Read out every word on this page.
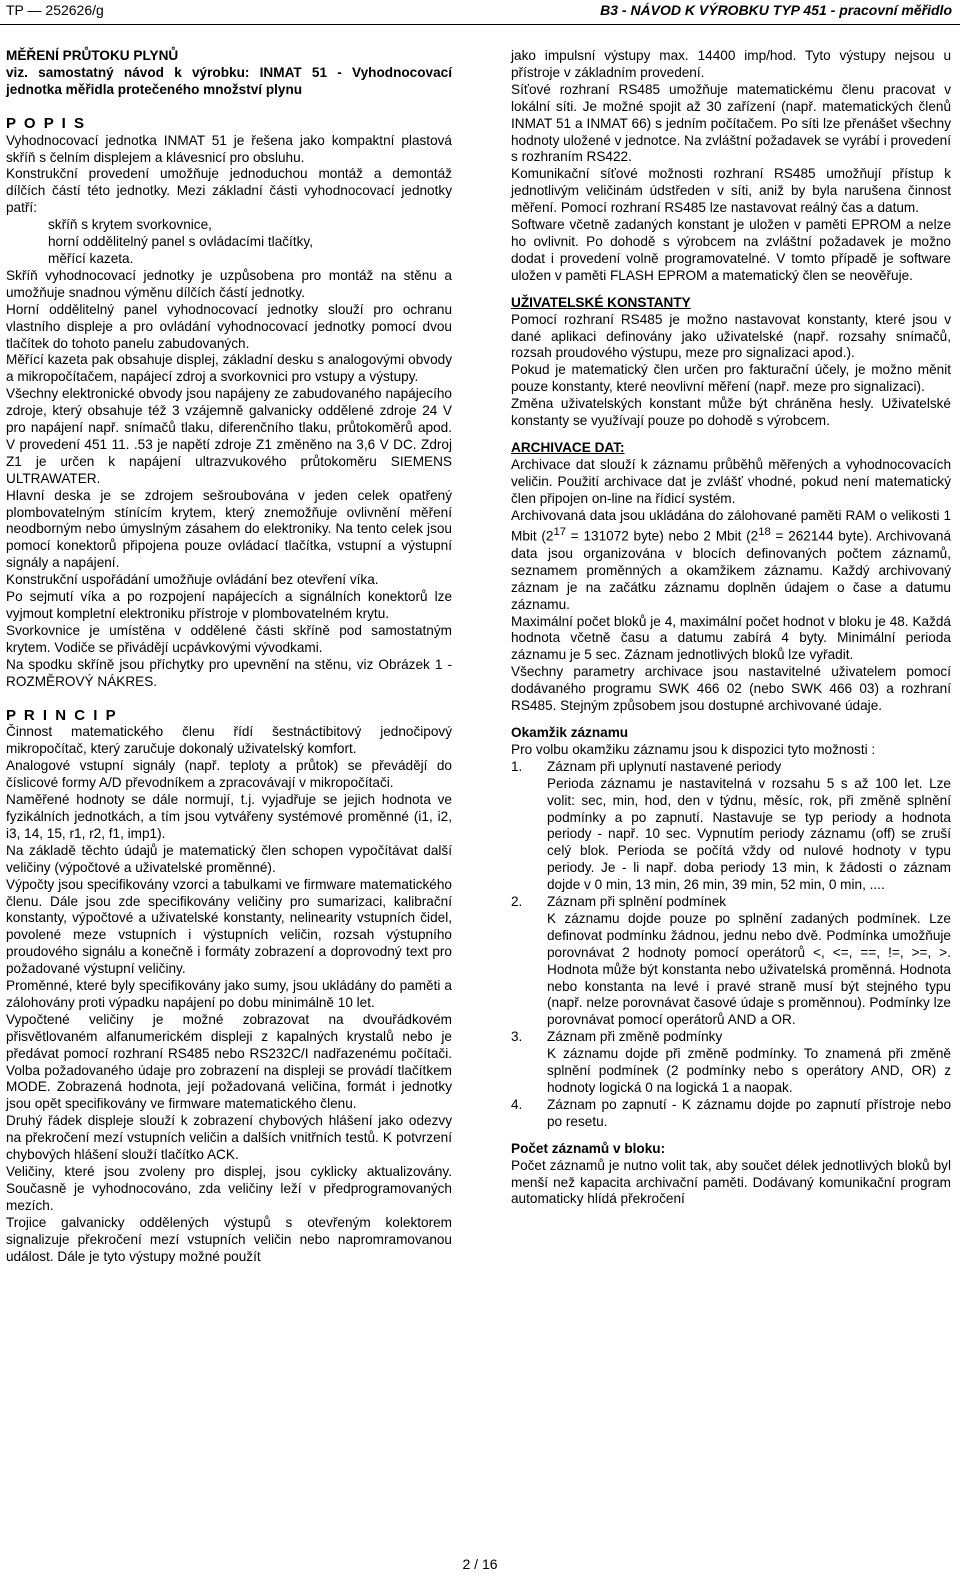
TP — 252626/g	B3 - NÁVOD K VÝROBKU TYP 451 - pracovní měřidlo

MĚŘENÍ PRŮTOKU PLYNŮ

viz. samostatný návod k výrobku: INMAT 51 - Vyhodnocovací jednotka měřidla protečeného množství plynu

P O P I S

Vyhodnocovací jednotka INMAT 51 je řešena jako kompaktní plastová skříň s čelním displejem a klávesnicí pro obsluhu.

Konstrukční provedení umožňuje jednoduchou montáž a demontáž dílčích částí této jednotky. Mezi základní části vyhodnocovací jednotky patří:

skříň s krytem svorkovnice,

horní oddělitelný panel s ovládacími tlačítky,

měřící kazeta.

Skříň vyhodnocovací jednotky je uzpůsobena pro montáž na stěnu a umožňuje snadnou výměnu dílčích částí jednotky.

Horní oddělitelný panel vyhodnocovací jednotky slouží pro ochranu vlastního displeje a pro ovládání vyhodnocovací jednotky pomocí dvou tlačítek do tohoto panelu zabudovaných.

Měřící kazeta pak obsahuje displej, základní desku s analogovými obvody a mikropočítačem, napájecí zdroj a svorkovnici pro vstupy a výstupy.

Všechny elektronické obvody jsou napájeny ze zabudovaného napájecího zdroje, který obsahuje též 3 vzájemně galvanicky oddělené zdroje 24 V pro napájení např. snímačů tlaku, diferenčního tlaku, průtokoměrů apod. V provedení 451 11. .53 je napětí zdroje Z1 změněno na 3,6 V DC. Zdroj Z1 je určen k napájení ultrazvukového průtokoměru SIEMENS ULTRAWATER.

Hlavní deska je se zdrojem sešroubována v jeden celek opatřený plombovatelným stínícím krytem, který znemožňuje ovlivnění měření neodborným nebo úmyslným zásahem do elektroniky. Na tento celek jsou pomocí konektorů připojena pouze ovládací tlačítka, vstupní a výstupní signály a napájení.

Konstrukční uspořádání umožňuje ovládání bez otevření víka.

Po sejmutí víka a po rozpojení napájecích a signálních konektorů lze vyjmout kompletní elektroniku přístroje v plombovatelném krytu.

Svorkovnice je umístěna v oddělené části skříně pod samostatným krytem. Vodiče se přivádějí ucpávkovými vývodkami.

Na spodku skříně jsou příchytky pro upevnění na stěnu, viz Obrázek 1 - ROZMĚROVÝ NÁKRES.

P R I N C I P

Činnost matematického členu řídí šestnáctibitový jednočipový mikropočítač, který zaručuje dokonalý uživatelský komfort.

Analogové vstupní signály (např. teploty a průtok) se převádějí do číslicové formy A/D převodníkem a zpracovávají v mikropočítači.

Naměřené hodnoty se dále normují, t.j. vyjadřuje se jejich hodnota ve fyzikálních jednotkách, a tím jsou vytvářeny systémové proměnné (i1, i2, i3, 14, 15, r1, r2, f1, imp1).

Na základě těchto údajů je matematický člen schopen vypočítávat další veličiny (výpočtové a uživatelské proměnné).

Výpočty jsou specifikovány vzorci a tabulkami ve firmware matematického členu. Dále jsou zde specifikovány veličiny pro sumarizaci, kalibrační konstanty, výpočtové a uživatelské konstanty, nelinearity vstupních čidel, povolené meze vstupních i výstupních veličin, rozsah výstupního proudového signálu a konečně i formáty zobrazení a doprovodný text pro požadované výstupní veličiny.

Proměnné, které byly specifikovány jako sumy, jsou ukládány do paměti a zálohovány proti výpadku napájení po dobu minimálně 10 let.

Vypočtené veličiny je možné zobrazovat na dvouřádkovém přisvětlovaném alfanumerickém displeji z kapalných krystalů nebo je předávat pomocí rozhraní RS485 nebo RS232C/I nadřazenému počítači. Volba požadovaného údaje pro zobrazení na displeji se provádí tlačítkem MODE. Zobrazená hodnota, její požadovaná veličina, formát i jednotky jsou opět specifikovány ve firmware matematického členu.

Druhý řádek displeje slouží k zobrazení chybových hlášení jako odezvy na překročení mezí vstupních veličin a dalších vnitřních testů. K potvrzení chybových hlášení slouží tlačítko ACK.

Veličiny, které jsou zvoleny pro displej, jsou cyklicky aktualizovány. Současně je vyhodnocováno, zda veličiny leží v předprogramovaných mezích.

Trojice galvanicky oddělených výstupů s otevřeným kolektorem signalizuje překročení mezí vstupních veličin nebo napromramovanou událost. Dále je tyto výstupy možné použít

jako impulsní výstupy max. 14400 imp/hod. Tyto výstupy nejsou u přístroje v základním provedení.

Síťové rozhraní RS485 umožňuje matematickému členu pracovat v lokální síti. Je možné spojit až 30 zařízení (např. matematických členů INMAT 51 a INMAT 66) s jedním počítačem. Po síti lze přenášet všechny hodnoty uložené v jednotce. Na zvláštní požadavek se vyrábí i provedení s rozhraním RS422.

Komunikační síťové možnosti rozhraní RS485 umožňují přístup k jednotlivým veličinám údstředen v síti, aniž by byla narušena činnost měření. Pomocí rozhraní RS485 lze nastavovat reálný čas a datum.

Software včetně zadaných konstant je uložen v paměti EPROM a nelze ho ovlivnit. Po dohodě s výrobcem na zvláštní požadavek je možno dodat i provedení volně programovatelné. V tomto případě je software uložen v paměti FLASH EPROM a matematický člen se neověřuje.

UŽIVATELSKÉ KONSTANTY

Pomocí rozhraní RS485 je možno nastavovat konstanty, které jsou v dané aplikaci definovány jako uživatelské (např. rozsahy snímačů, rozsah proudového výstupu, meze pro signalizaci apod.).

Pokud je matematický člen určen pro fakturační účely, je možno měnit pouze konstanty, které neovlivní měření (např. meze pro signalizaci).

Změna uživatelských konstant může být chráněna hesly. Uživatelské konstanty se využívají pouze po dohodě s výrobcem.

ARCHIVACE DAT:

Archivace dat slouží k záznamu průběhů měřených a vyhodnocovacích veličin. Použití archivace dat je zvlášť vhodné, pokud není matematický člen připojen on-line na řídicí systém.

Archivovaná data jsou ukládána do zálohované paměti RAM o velikosti 1 Mbit ($2^{17} = 131072$ byte) nebo 2 Mbit ($2^{18} = 262144$ byte). Archivovaná data jsou organizována v blocích definovaných počtem záznamů, seznamem proměnných a okamžikem záznamu. Každý archivovaný záznam je na začátku záznamu doplněn údajem o čase a datumu záznamu.

Maximální počet bloků je 4, maximální počet hodnot v bloku je 48. Každá hodnota včetně času a datumu zabírá 4 byty. Minimální perioda záznamu je 5 sec. Záznam jednotlivých bloků lze vyřadit.

Všechny parametry archivace jsou nastavitelné uživatelem pomocí dodávaného programu SWK 466 02 (nebo SWK 466 03) a rozhraní RS485. Stejným způsobem jsou dostupné archivované údaje.

Okamžik záznamu

Pro volbu okamžiku záznamu jsou k dispozici tyto možnosti :

1.	Záznam při uplynutí nastavené periody
Perioda záznamu je nastavitelná v rozsahu 5 s až 100 let. Lze volit: sec, min, hod, den v týdnu, měsíc, rok, při změně splnění podmínky a po zapnutí. Nastavuje se typ periody a hodnota periody - např. 10 sec. Vypnutím periody záznamu (off) se zruší celý blok. Perioda se počítá vždy od nulové hodnoty v typu periody. Je - li např. doba periody 13 min, k žádosti o záznam dojde v 0 min, 13 min, 26 min, 39 min, 52 min, 0 min, ....
2.	Záznam při splnění podmínek
K záznamu dojde pouze po splnění zadaných podmínek. Lze definovat podmínku žádnou, jednu nebo dvě. Podmínka umožňuje porovnávat 2 hodnoty pomocí operátorů <, <=, ==, !=, >=, >. Hodnota může být konstanta nebo uživatelská proměnná. Hodnota nebo konstanta na levé i pravé straně musí být stejného typu (např. nelze porovnávat časové údaje s proměnnou). Podmínky lze porovnávat pomocí operátorů AND a OR.
3.	Záznam při změně podmínky
K záznamu dojde při změně podmínky. To znamená při změně splnění podmínek (2 podmínky nebo s operátory AND, OR) z hodnoty logická 0 na logická 1 a naopak.
4.	Záznam po zapnutí - K záznamu dojde po zapnutí přístroje nebo po resetu.

Počet záznamů v bloku:

Počet záznamů je nutno volit tak, aby součet délek jednotlivých bloků byl menší než kapacita archivační paměti. Dodávaný komunikační program automaticky hlídá překročení

2 / 16
